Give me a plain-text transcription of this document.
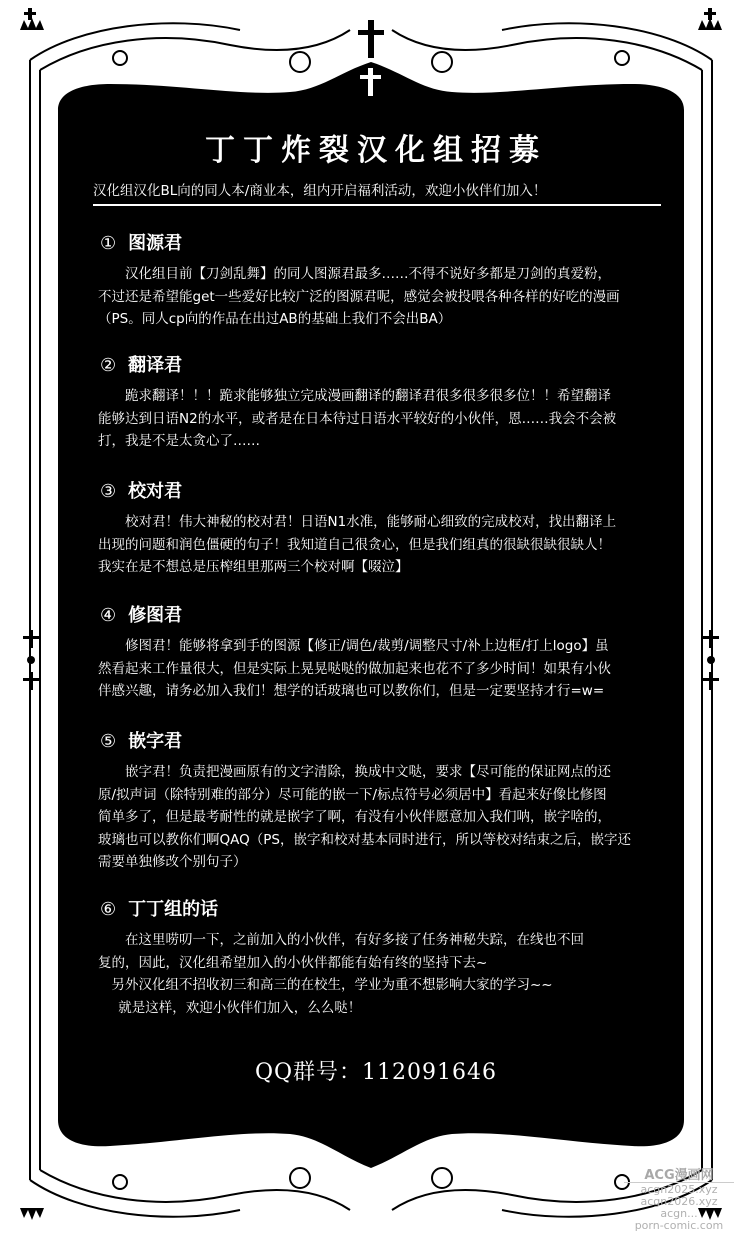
丁丁炸裂汉化组招募
汉化组汉化BL向的同人本/商业本，组内开启福利活动，欢迎小伙伴们加入！
① 图源君
汉化组目前【刀剑乱舞】的同人图源君最多……不得不说好多都是刀剑的真爱粉，
不过还是希望能get一些爱好比较广泛的图源君呢，感觉会被投喂各种各样的好吃的漫画
（PS。同人cp向的作品在出过AB的基础上我们不会出BA）
② 翻译君
跪求翻译！！！跪求能够独立完成漫画翻译的翻译君很多很多很多位！！希望翻译
能够达到日语N2的水平，或者是在日本待过日语水平较好的小伙伴，恩……我会不会被
打，我是不是太贪心了……
③ 校对君
校对君！伟大神秘的校对君！日语N1水准，能够耐心细致的完成校对，找出翻译上
出现的问题和润色僵硬的句子！我知道自己很贪心，但是我们组真的很缺很缺很缺人！
我实在是不想总是压榨组里那两三个校对啊【啜泣】
④ 修图君
修图君！能够将拿到手的图源【修正/调色/裁剪/调整尺寸/补上边框/打上logo】虽
然看起来工作量很大，但是实际上晃晃哒哒的做加起来也花不了多少时间！如果有小伙
伴感兴趣，请务必加入我们！想学的话玻璃也可以教你们，但是一定要坚持才行=w=
⑤ 嵌字君
嵌字君！负责把漫画原有的文字清除，换成中文哒，要求【尽可能的保证网点的还
原/拟声词（除特别难的部分）尽可能的嵌一下/标点符号必须居中】看起来好像比修图
简单多了，但是最考耐性的就是嵌字了啊，有没有小伙伴愿意加入我们呐，嵌字啥的，
玻璃也可以教你们啊QAQ（PS，嵌字和校对基本同时进行，所以等校对结束之后，嵌字还
需要单独修改个别句子）
⑥ 丁丁组的话
在这里唠叨一下，之前加入的小伙伴，有好多接了任务神秘失踪，在线也不回
复的，因此，汉化组希望加入的小伙伴都能有始有终的坚持下去~
另外汉化组不招收初三和高三的在校生，学业为重不想影响大家的学习~~
就是这样，欢迎小伙伴们加入，么么哒！
QQ群号：112091646
ACG漫画网
acgn2025.xyz
acgn2026.xyz
acgn...
porn-comic.com
